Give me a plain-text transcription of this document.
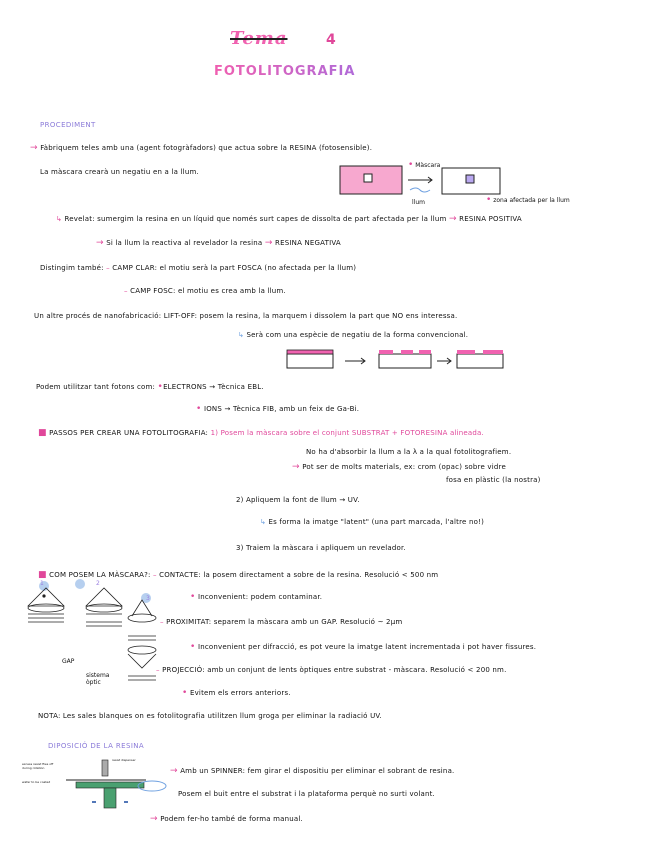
Tema	4
FOTOLITOGRAFIA
PROCEDIMENT
→ Fàbriquem teles amb una (agent fotogràfadors) que actua sobre la RESINA (fotosensible).
La màscara crearà un negatiu en a la llum.
• Màscara
llum	• zona afectada per la llum
↳ Revelat: sumergim la resina en un líquid que només surt capes de dissolta de part afectada per la llum → RESINA POSITIVA
→ Si la llum la reactiva al revelador la resina → RESINA NEGATIVA
Distingim també: – CAMP CLAR: el motiu serà la part FOSCA (no afectada per la llum)
– CAMP FOSC: el motiu es crea amb la llum.
Un altre procés de nanofabricació: LIFT-OFF: posem la resina, la marquem i dissolem la part que NO ens interessa.
↳ Serà com una espècie de negatiu de la forma convencional.
Podem utilitzar tant fotons com: •ELECTRONS → Tècnica EBL.
• IONS → Tècnica FIB, amb un feix de Ga-Bi.
■ PASSOS PER CREAR UNA FOTOLITOGRAFIA: 1) Posem la màscara sobre el conjunt SUBSTRAT + FOTORESINA alineada.
No ha d'absorbir la llum a la λ a la qual fotolitografiem.
→ Pot ser de molts materials, ex: crom (opac) sobre vidre
fosa en plàstic (la nostra)
2) Apliquem la font de llum → UV.
↳ Es forma la imatge "latent" (una part marcada, l'altre no!)
3) Traiem la màscara i apliquem un revelador.
■ COM POSEM LA MÀSCARA?: – CONTACTE: la posem directament a sobre de la resina. Resolució < 500 nm
• Inconvenient: podem contaminar.
1	2
3
GAP
sistema òptic
– PROXIMITAT: separem la màscara amb un GAP. Resolució ~ 2μm
• Inconvenient per difracció, es pot veure la imatge latent incrementada i pot haver fissures.
– PROJECCIÓ: amb un conjunt de lents òptiques entre substrat - màscara. Resolució < 200 nm.
• Evitem els errors anteriors.
NOTA: Les sales blanques on es fotolitografia utilitzen llum groga per eliminar la radiació UV.
DIPOSICIÓ DE LA RESINA
excess resist flies off during rotation
wafer to be coated
resist dispenser
→ Amb un SPINNER: fem girar el dispositiu per eliminar el sobrant de resina.
Posem el buit entre el substrat i la plataforma perquè no surti volant.
→ Podem fer-ho també de forma manual.
